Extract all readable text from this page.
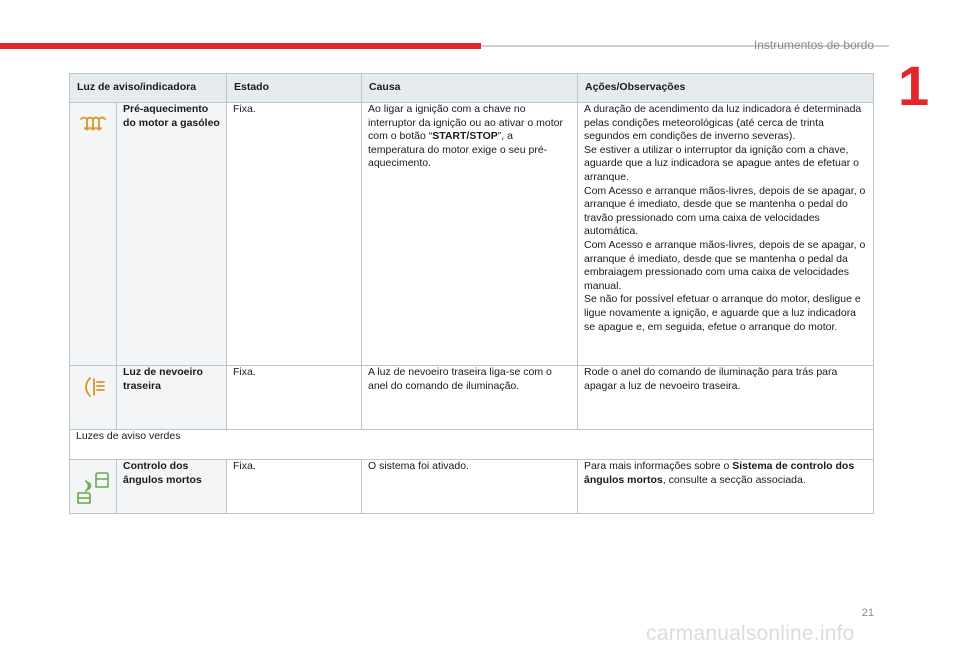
Instrumentos de bordo
1
Luz de aviso/indicadora		Estado	Causa	Ações/Observações

	Pré-aquecimento do motor a gasóleo	Fixa.	Ao ligar a ignição com a chave no interruptor da ignição ou ao ativar o motor com o botão “START/STOP”, a temperatura do motor exige o seu pré-aquecimento.	A duração de acendimento da luz indicadora é determinada pelas condições meteorológicas (até cerca de trinta segundos em condições de inverno severas).
Se estiver a utilizar o interruptor da ignição com a chave, aguarde que a luz indicadora se apague antes de efetuar o arranque.
Com Acesso e arranque mãos-livres, depois de se apagar, o arranque é imediato, desde que se mantenha o pedal do travão pressionado com uma caixa de velocidades automática.
Com Acesso e arranque mãos-livres, depois de se apagar, o arranque é imediato, desde que se mantenha o pedal da embraiagem pressionado com uma caixa de velocidades manual.
Se não for possível efetuar o arranque do motor, desligue e ligue novamente a ignição, e aguarde que a luz indicadora se apague e, em seguida, efetue o arranque do motor.

	Luz de nevoeiro traseira	Fixa.	A luz de nevoeiro traseira liga-se com o anel do comando de iluminação.	Rode o anel do comando de iluminação para trás para apagar a luz de nevoeiro traseira.
Luzes de aviso verdes				

	Controlo dos ângulos mortos	Fixa.	O sistema foi ativado.	Para mais informações sobre o Sistema de controlo dos ângulos mortos, consulte a secção associada.
21
carmanualsonline.info
